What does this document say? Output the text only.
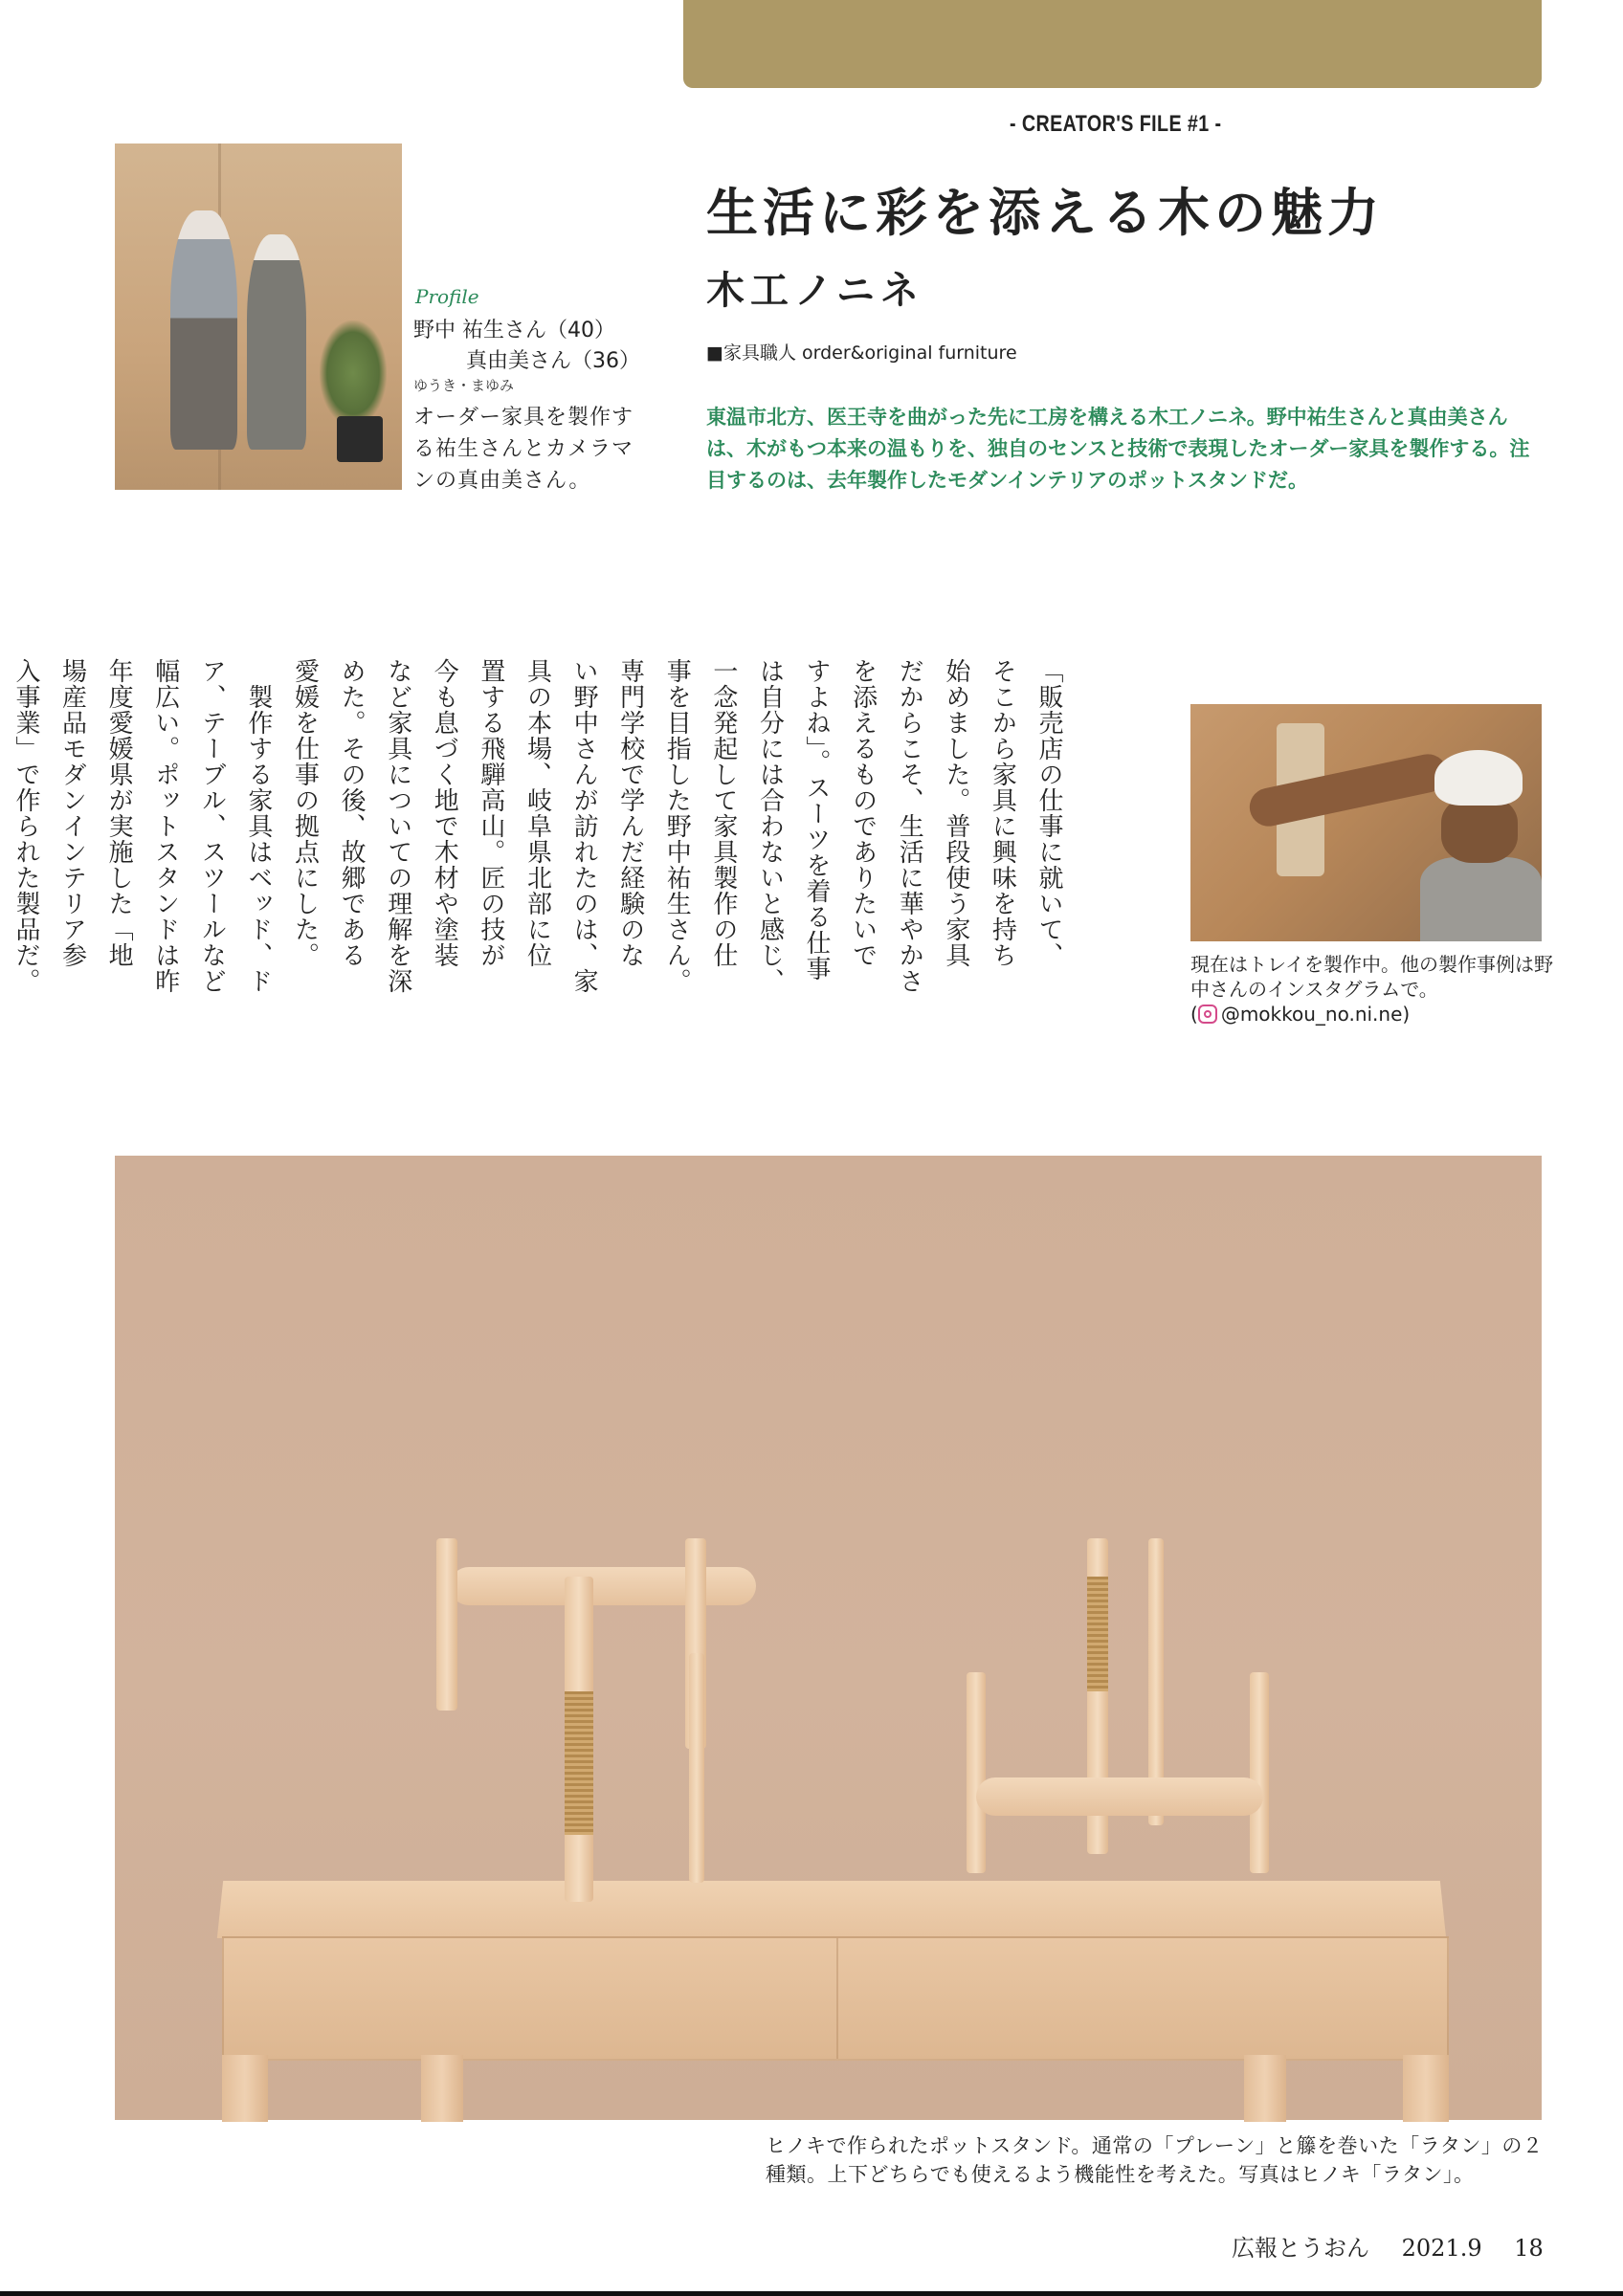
- CREATOR'S FILE #1 -
生活に彩を添える木の魅力
木工ノニネ
■家具職人 order&original furniture

東温市北方、医王寺を曲がった先に工房を構える木工ノニネ。野中祐生さんと真由美さんは、木がもつ本来の温もりを、独自のセンスと技術で表現したオーダー家具を製作する。注目するのは、去年製作したモダンインテリアのポットスタンドだ。

Profile
野中 祐生さん（40）
真由美さん（36）
ゆうき・まゆみ

オーダー家具を製作する祐生さんとカメラマンの真由美さん。

「販売店の仕事に就いて、
そこから家具に興味を持ち
始めました。普段使う家具
だからこそ、生活に華やかさ
を添えるものでありたいで
すよね」。スーツを着る仕事
は自分には合わないと感じ、
一念発起して家具製作の仕
事を目指した野中祐生さん。
専門学校で学んだ経験のな
い野中さんが訪れたのは、家
具の本場、岐阜県北部に位
置する飛騨高山。匠の技が
今も息づく地で木材や塗装
など家具についての理解を深
めた。その後、故郷である
愛媛を仕事の拠点にした。
　製作する家具はベッド、ド
ア、テーブル、スツールなど
幅広い。ポットスタンドは昨
年度愛媛県が実施した「地
場産品モダンインテリア参
入事業」で作られた製品だ。	現在はトレイを製作中。他の製作事例は野中さんのインスタグラムで。
( @mokkou_no.ni.ne)
ヒノキで作られたポットスタンド。通常の「プレーン」と籐を巻いた「ラタン」の２種類。上下どちらでも使えるよう機能性を考えた。写真はヒノキ「ラタン」。
広報とうおん 2021.9 18
